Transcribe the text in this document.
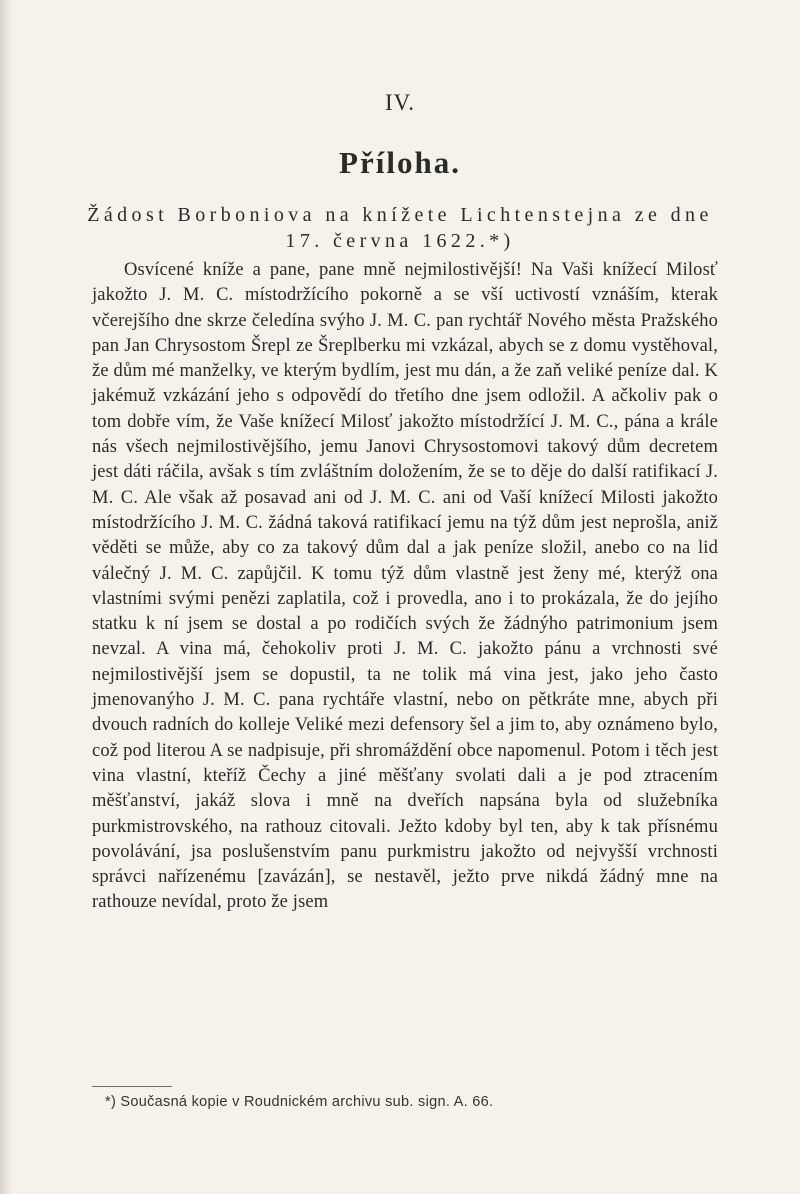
IV.
Příloha.
Žádost Borboniova na knížete Lichtenstejna ze dne
17. června 1622.*)

Osvícené kníže a pane, pane mně nejmilostivější! Na Vaši knížecí Milosť jakožto J. M. C. místodržícího pokorně a se vší uctivostí vznáším, kterak včerejšího dne skrze čeledína svýho J. M. C. pan rychtář Nového města Pražského pan Jan Chrysostom Šrepl ze Šreplberku mi vzkázal, abych se z domu vystěhoval, že dům mé manželky, ve kterým bydlím, jest mu dán, a že zaň veliké peníze dal. K jakémuž vzkázání jeho s odpovědí do třetího dne jsem odložil. A ačkoliv pak o tom dobře vím, že Vaše knížecí Milosť jakožto místodržící J. M. C., pána a krále nás všech nejmilostivějšího, jemu Janovi Chrysostomovi takový dům decretem jest dáti ráčila, avšak s tím zvláštním doložením, že se to děje do další ratifikací J. M. C. Ale však až posavad ani od J. M. C. ani od Vaší knížecí Milosti jakožto místodržícího J. M. C. žádná taková ratifikací jemu na týž dům jest neprošla, aniž věděti se může, aby co za takový dům dal a jak peníze složil, anebo co na lid válečný J. M. C. zapůjčil. K tomu týž dům vlastně jest ženy mé, kterýž ona vlastními svými penězi zaplatila, což i provedla, ano i to prokázala, že do jejího statku k ní jsem se dostal a po rodičích svých že žádnýho patrimonium jsem nevzal. A vina má, čehokoliv proti J. M. C. jakožto pánu a vrchnosti své nejmilostivější jsem se dopustil, ta ne tolik má vina jest, jako jeho často jmenovanýho J. M. C. pana rychtáře vlastní, nebo on pětkráte mne, abych při dvouch radních do kolleje Veliké mezi defensory šel a jim to, aby oznámeno bylo, což pod literou A se nadpisuje, při shromáždění obce napomenul. Potom i těch jest vina vlastní, kteříž Čechy a jiné měšťany svolati dali a je pod ztracením měšťanství, jakáž slova i mně na dveřích napsána byla od služebníka purkmistrovského, na rathouz citovali. Ježto kdoby byl ten, aby k tak přísnému povolávání, jsa poslušenstvím panu purkmistru jakožto od nejvyšší vrchnosti správci nařízenému [zavázán], se nestavěl, ježto prve nikdá žádný mne na rathouze nevídal, proto že jsem

*) Současná kopie v Roudnickém archivu sub. sign. A. 66.
